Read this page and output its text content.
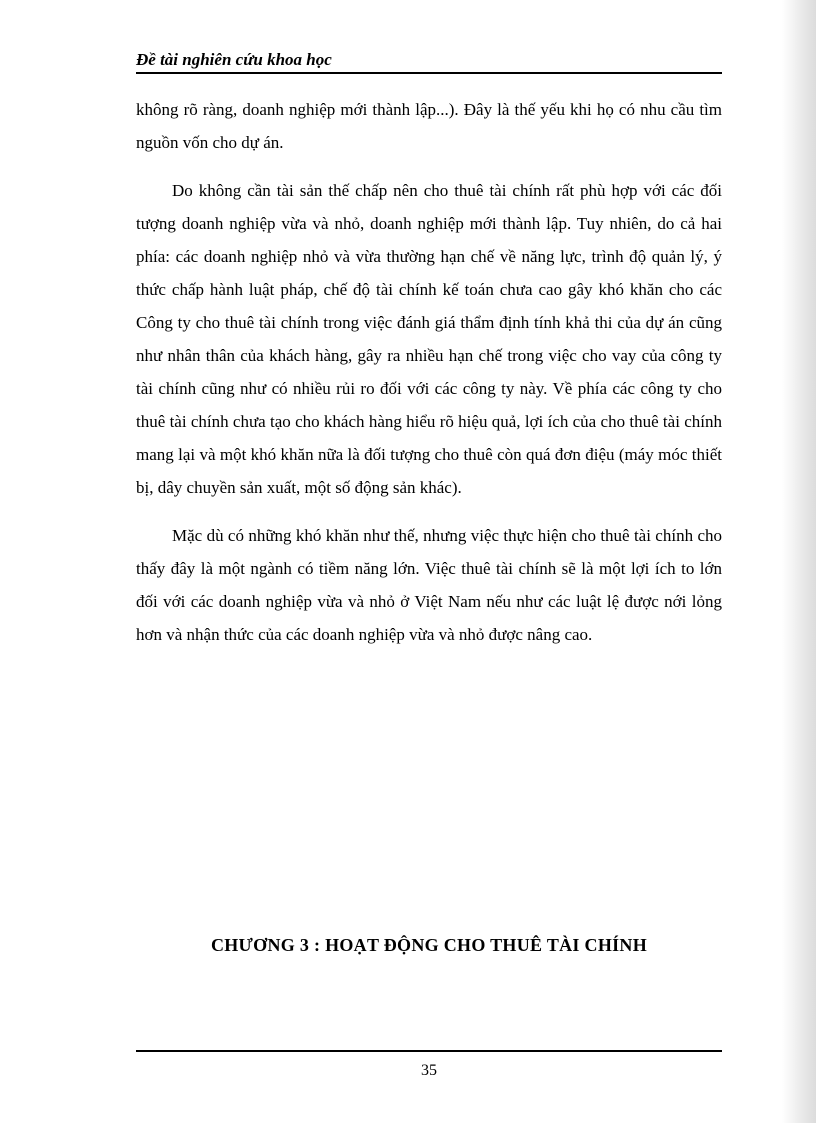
Đề tài nghiên cứu khoa học

không rõ ràng, doanh nghiệp mới thành lập...). Đây là thế yếu khi họ có nhu cầu tìm nguồn vốn cho dự án.

Do không cần tài sản thế chấp nên cho thuê tài chính rất phù hợp với các đối tượng doanh nghiệp vừa và nhỏ, doanh nghiệp mới thành lập. Tuy nhiên, do cả hai phía: các doanh nghiệp nhỏ và vừa thường hạn chế về năng lực, trình độ quản lý, ý thức chấp hành luật pháp, chế độ tài chính kế toán chưa cao gây khó khăn cho các Công ty cho thuê tài chính trong việc đánh giá thẩm định tính khả thi của dự án cũng như nhân thân của khách hàng, gây ra nhiều hạn chế trong việc cho vay của công ty tài chính cũng như có nhiều rủi ro đối với các công ty này. Về phía các công ty cho thuê tài chính chưa tạo cho khách hàng hiểu rõ hiệu quả, lợi ích của cho thuê tài chính mang lại và một khó khăn nữa là đối tượng cho thuê còn quá đơn điệu (máy móc thiết bị, dây chuyền sản xuất, một số động sản khác).

Mặc dù có những khó khăn như thế, nhưng việc thực hiện cho thuê tài chính cho thấy đây là một ngành có tiềm năng lớn. Việc thuê tài chính sẽ là một lợi ích to lớn đối với các doanh nghiệp vừa và nhỏ ở Việt Nam nếu như các luật lệ được nới lỏng hơn và nhận thức của các doanh nghiệp vừa và nhỏ được nâng cao.

CHƯƠNG 3 : HOẠT ĐỘNG CHO THUÊ TÀI CHÍNH
35
